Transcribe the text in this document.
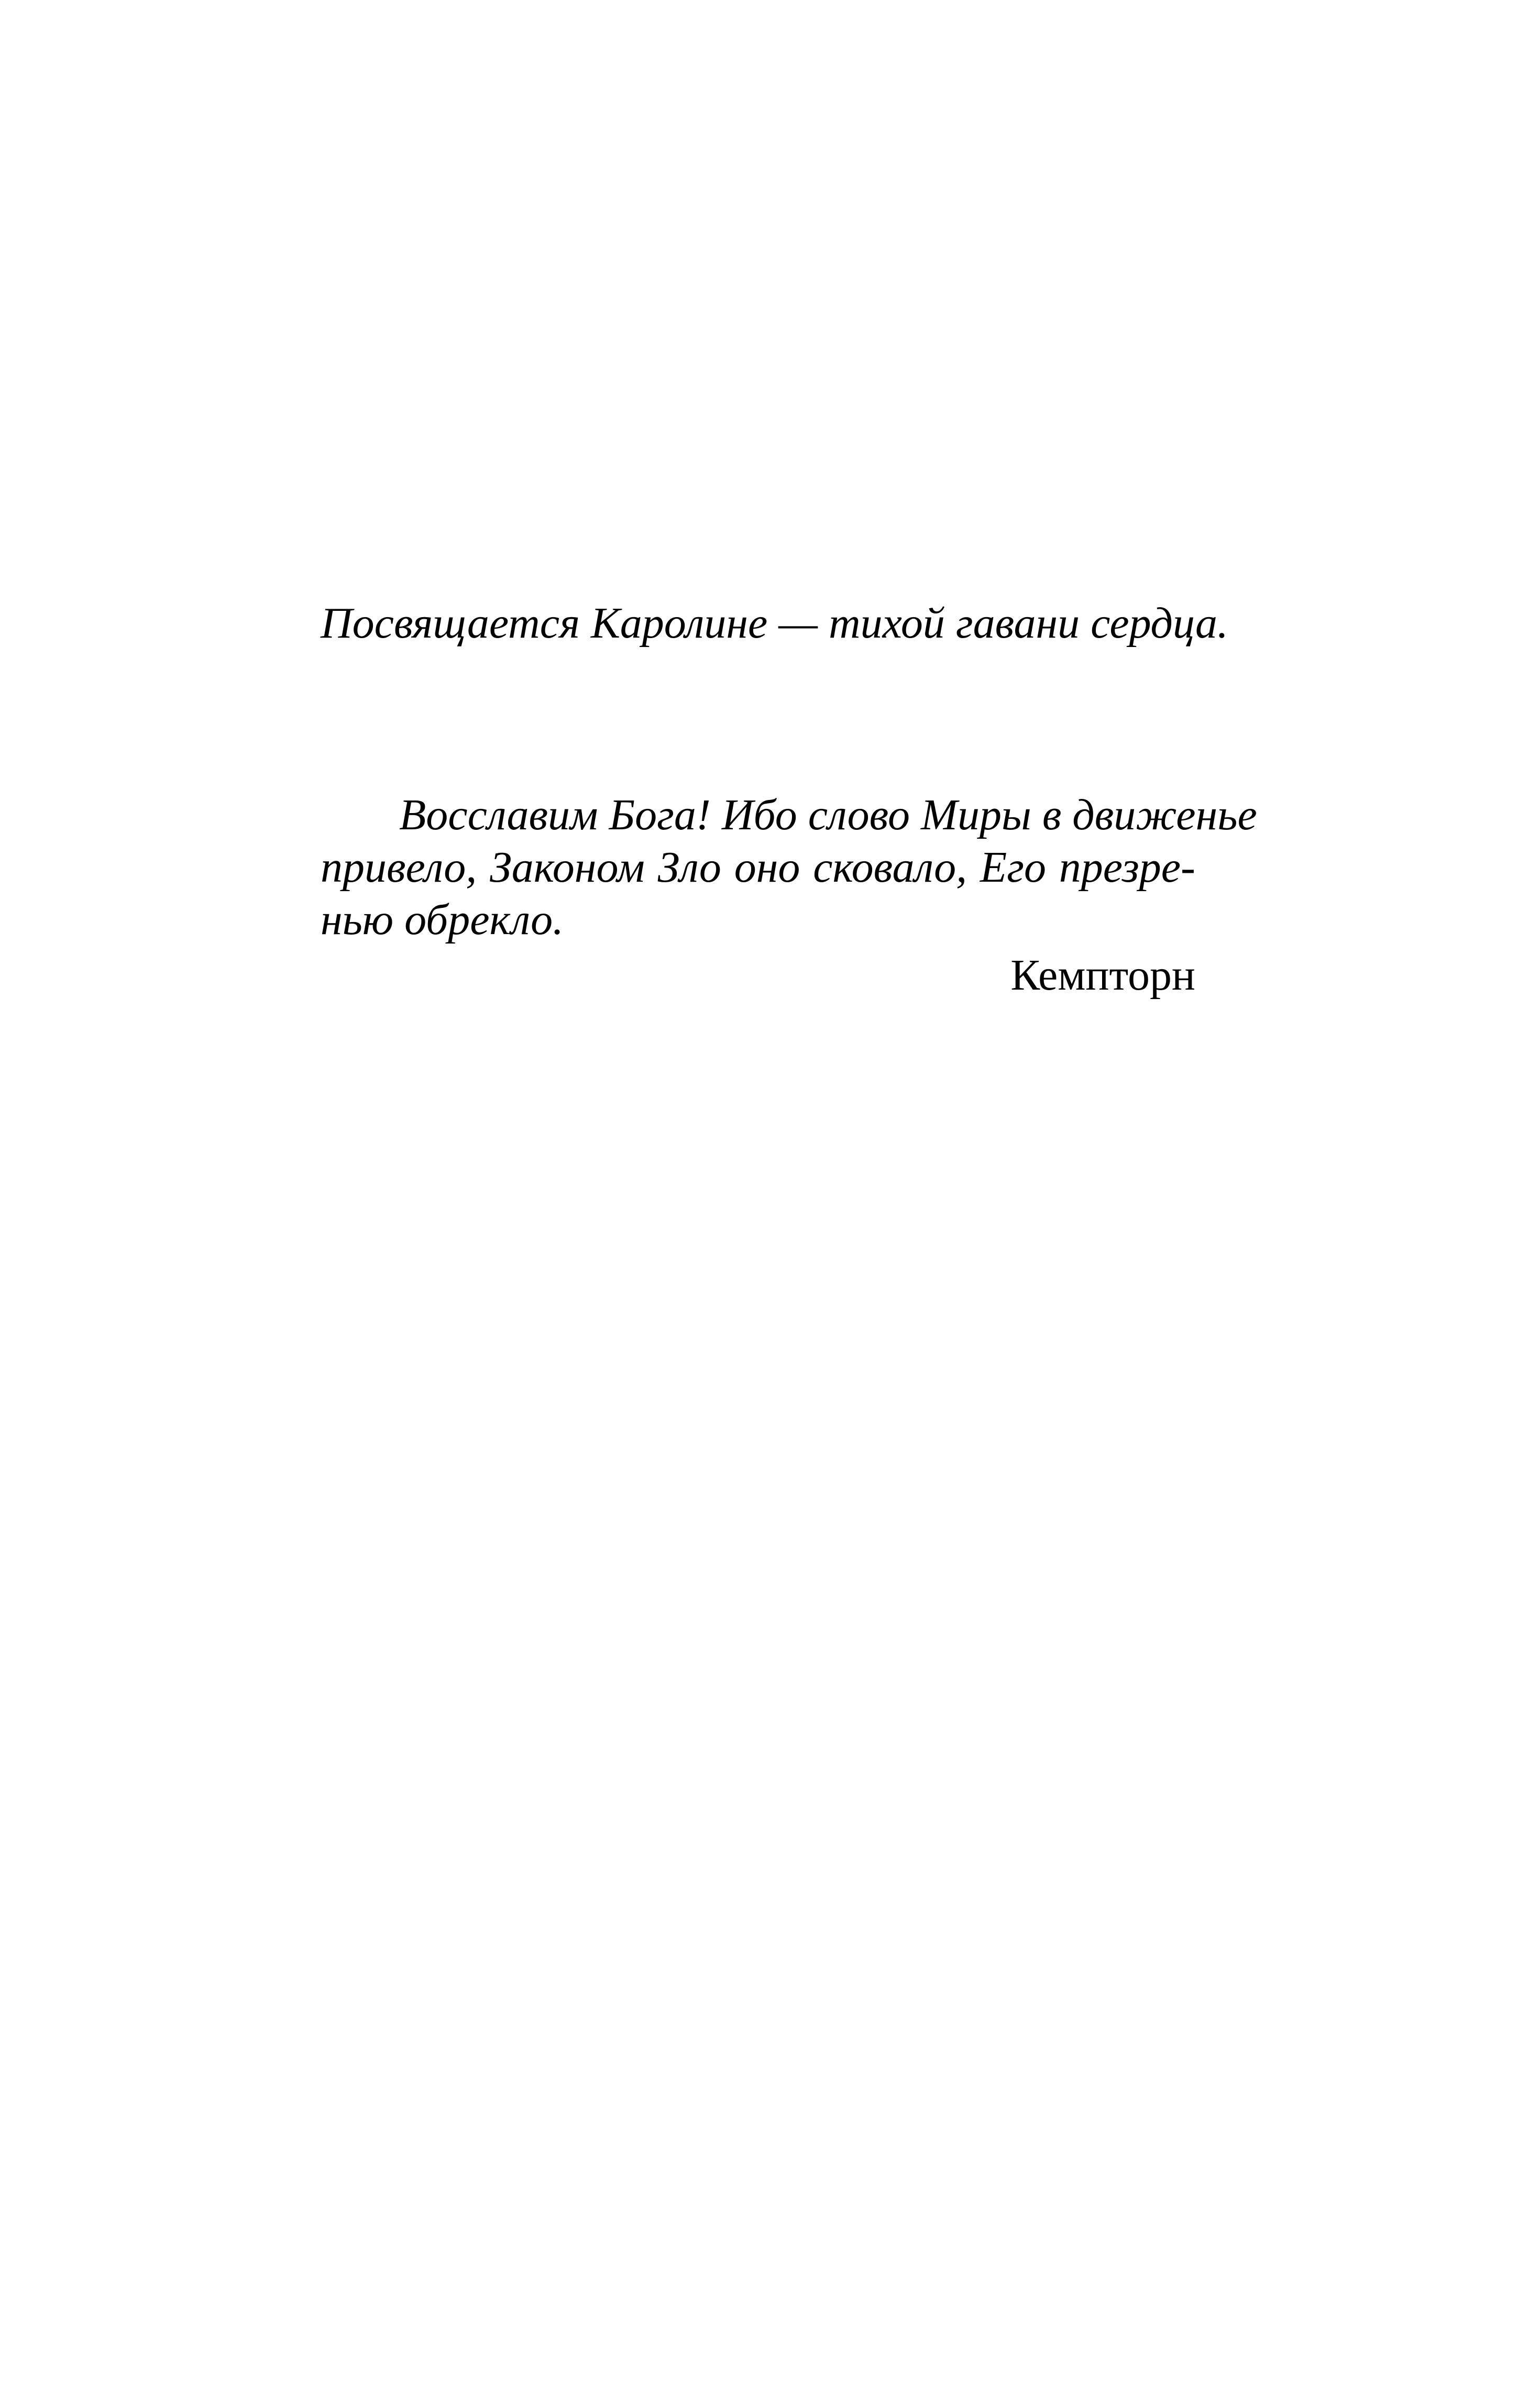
Посвящается Каролине — тихой гавани сердца.
Восславим Бога! Ибо слово Миры в движенье
привело, Законом Зло оно сковало, Его презре-
нью обрекло.
Кемпторн
